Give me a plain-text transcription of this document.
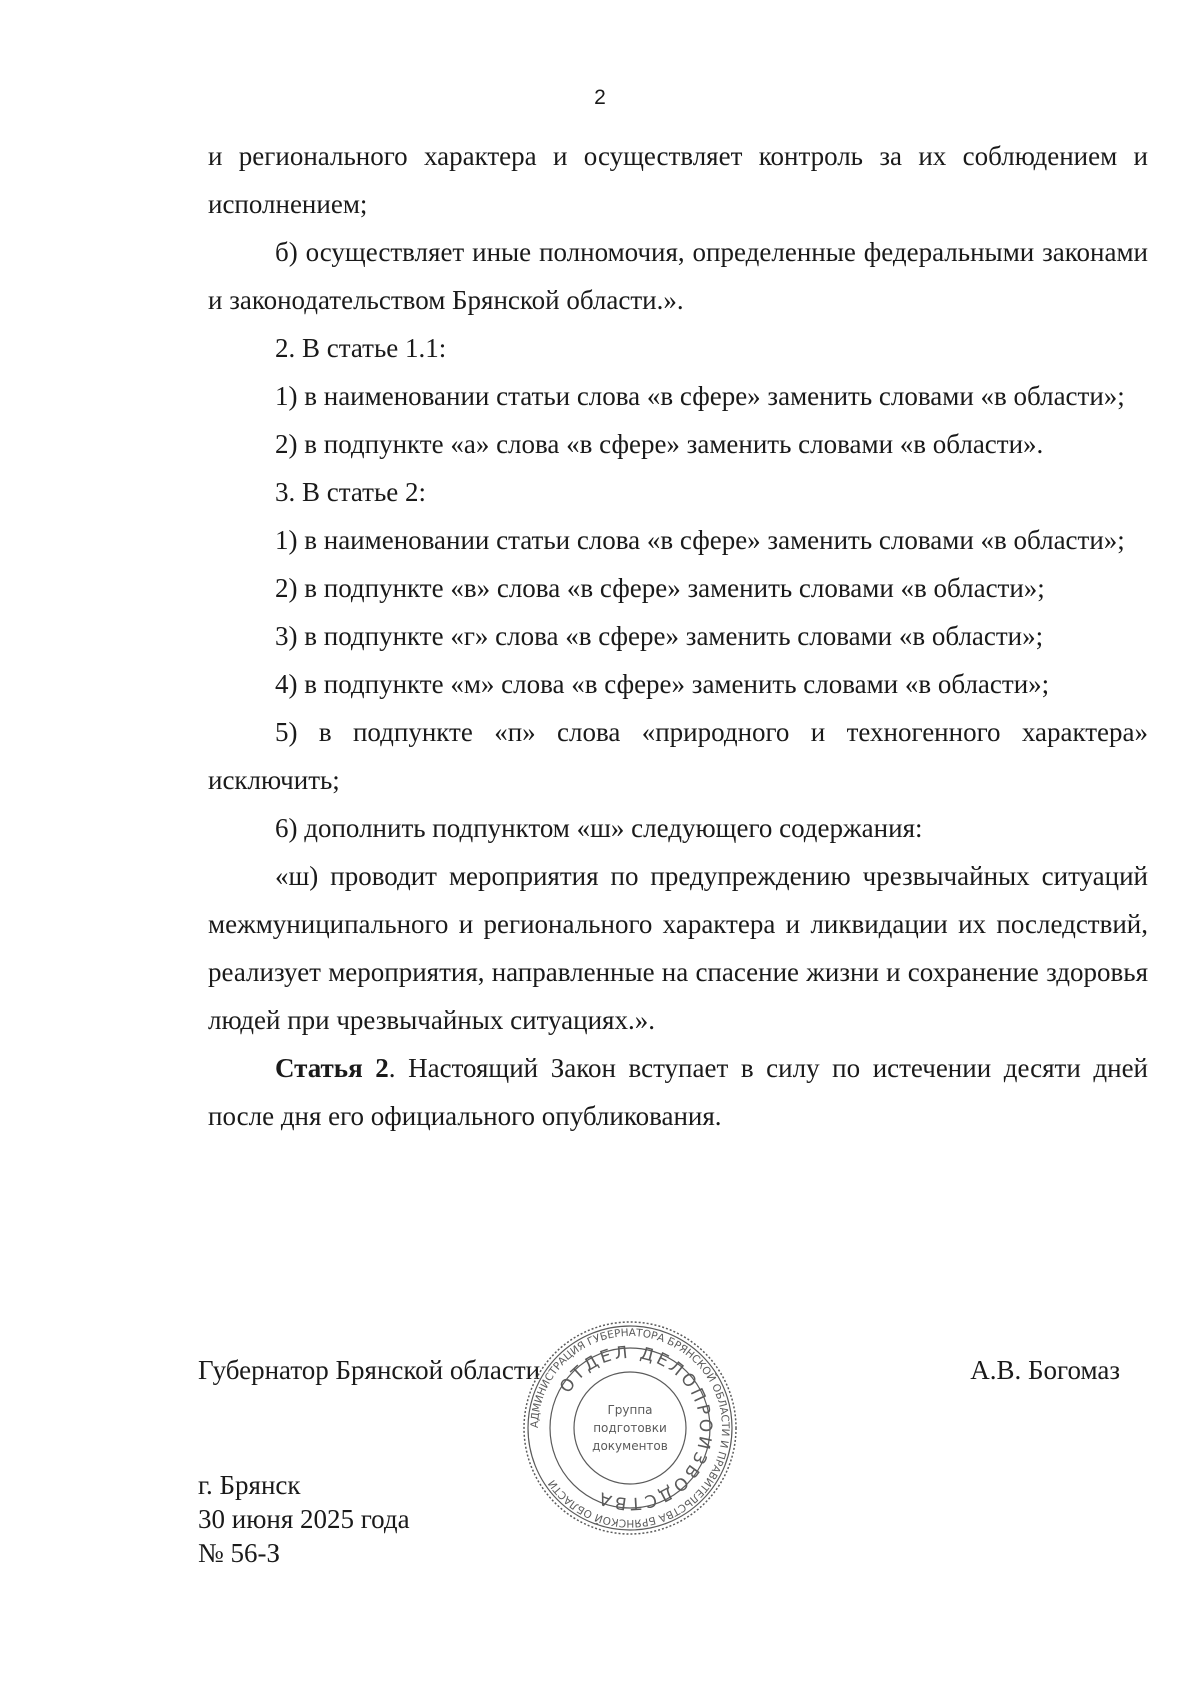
2

и регионального характера и осуществляет контроль за их соблюдением и исполнением;

б) осуществляет иные полномочия, определенные федеральными законами и законодательством Брянской области.».

2. В статье 1.1:

1) в наименовании статьи слова «в сфере» заменить словами «в области»;

2) в подпункте «а» слова «в сфере» заменить словами «в области».

3. В статье 2:

1) в наименовании статьи слова «в сфере» заменить словами «в области»;

2) в подпункте «в» слова «в сфере» заменить словами «в области»;

3) в подпункте «г» слова «в сфере» заменить словами «в области»;

4) в подпункте «м» слова «в сфере» заменить словами «в области»;

5) в подпункте «п» слова «природного и техногенного характера» исключить;

6) дополнить подпунктом «ш» следующего содержания:

«ш) проводит мероприятия по предупреждению чрезвычайных ситуаций межмуниципального и регионального характера и ликвидации их последствий, реализует мероприятия, направленные на спасение жизни и сохранение здоровья людей при чрезвычайных ситуациях.».

Статья 2. Настоящий Закон вступает в силу по истечении десяти дней после дня его официального опубликования.

Губернатор Брянской области	А.В. Богомаз
г. Брянск
30 июня 2025 года
№ 56-З
АДМИНИСТРАЦИЯ ГУБЕРНАТОРА БРЯНСКОЙ ОБЛАСТИ И ПРАВИТЕЛЬСТВА БРЯНСКОЙ ОБЛАСТИ
ОТДЕЛ ДЕЛОПРОИЗВОДСТВА
Группа
подготовки
документов
